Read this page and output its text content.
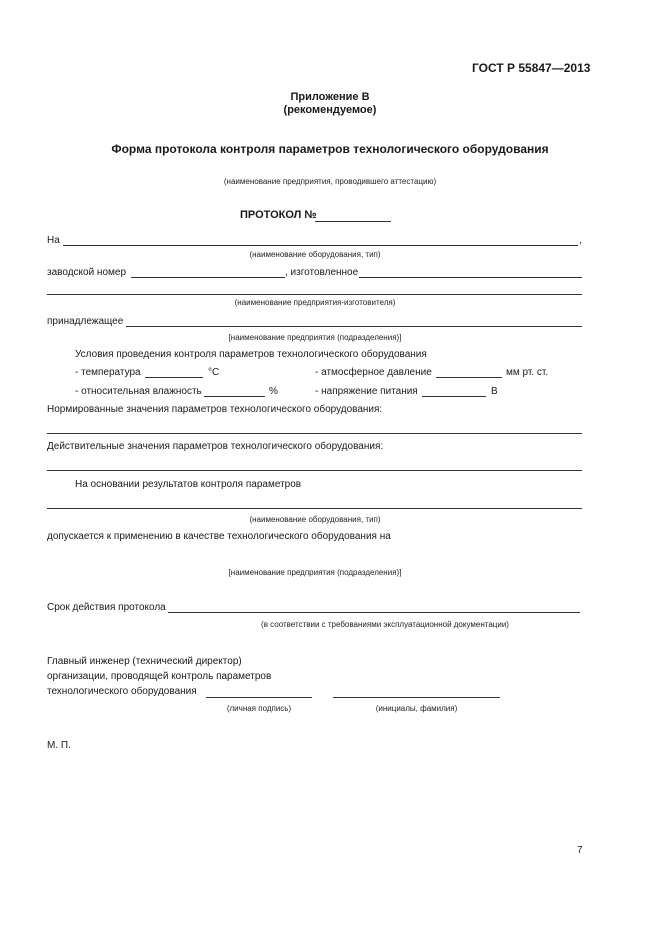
ГОСТ Р 55847—2013
Приложение В
(рекомендуемое)
Форма протокола контроля параметров технологического оборудования
(наименование предприятия, проводившего аттестацию)
ПРОТОКОЛ №
На	,
(наименование оборудования, тип)
заводской номер	, изготовленное
(наименование предприятия-изготовителя)
принадлежащее
[наименование предприятия (подразделения)]
Условия проведения контроля параметров технологического оборудования
- температура	°C	- атмосферное давление	мм рт. ст.
- относительная влажность	%	- напряжение питания	В
Нормированные значения параметров технологического оборудования:
Действительные значения параметров технологического оборудования:
На основании результатов контроля параметров
(наименование оборудования, тип)
допускается к применению в качестве технологического оборудования на
[наименование предприятия (подразделения)]
Срок действия протокола
(в соответствии с требованиями эксплуатационной документации)
Главный инженер (технический директор)
организации, проводящей контроль параметров
технологического оборудования
(личная подпись)	(инициалы, фамилия)
М. П.
7
